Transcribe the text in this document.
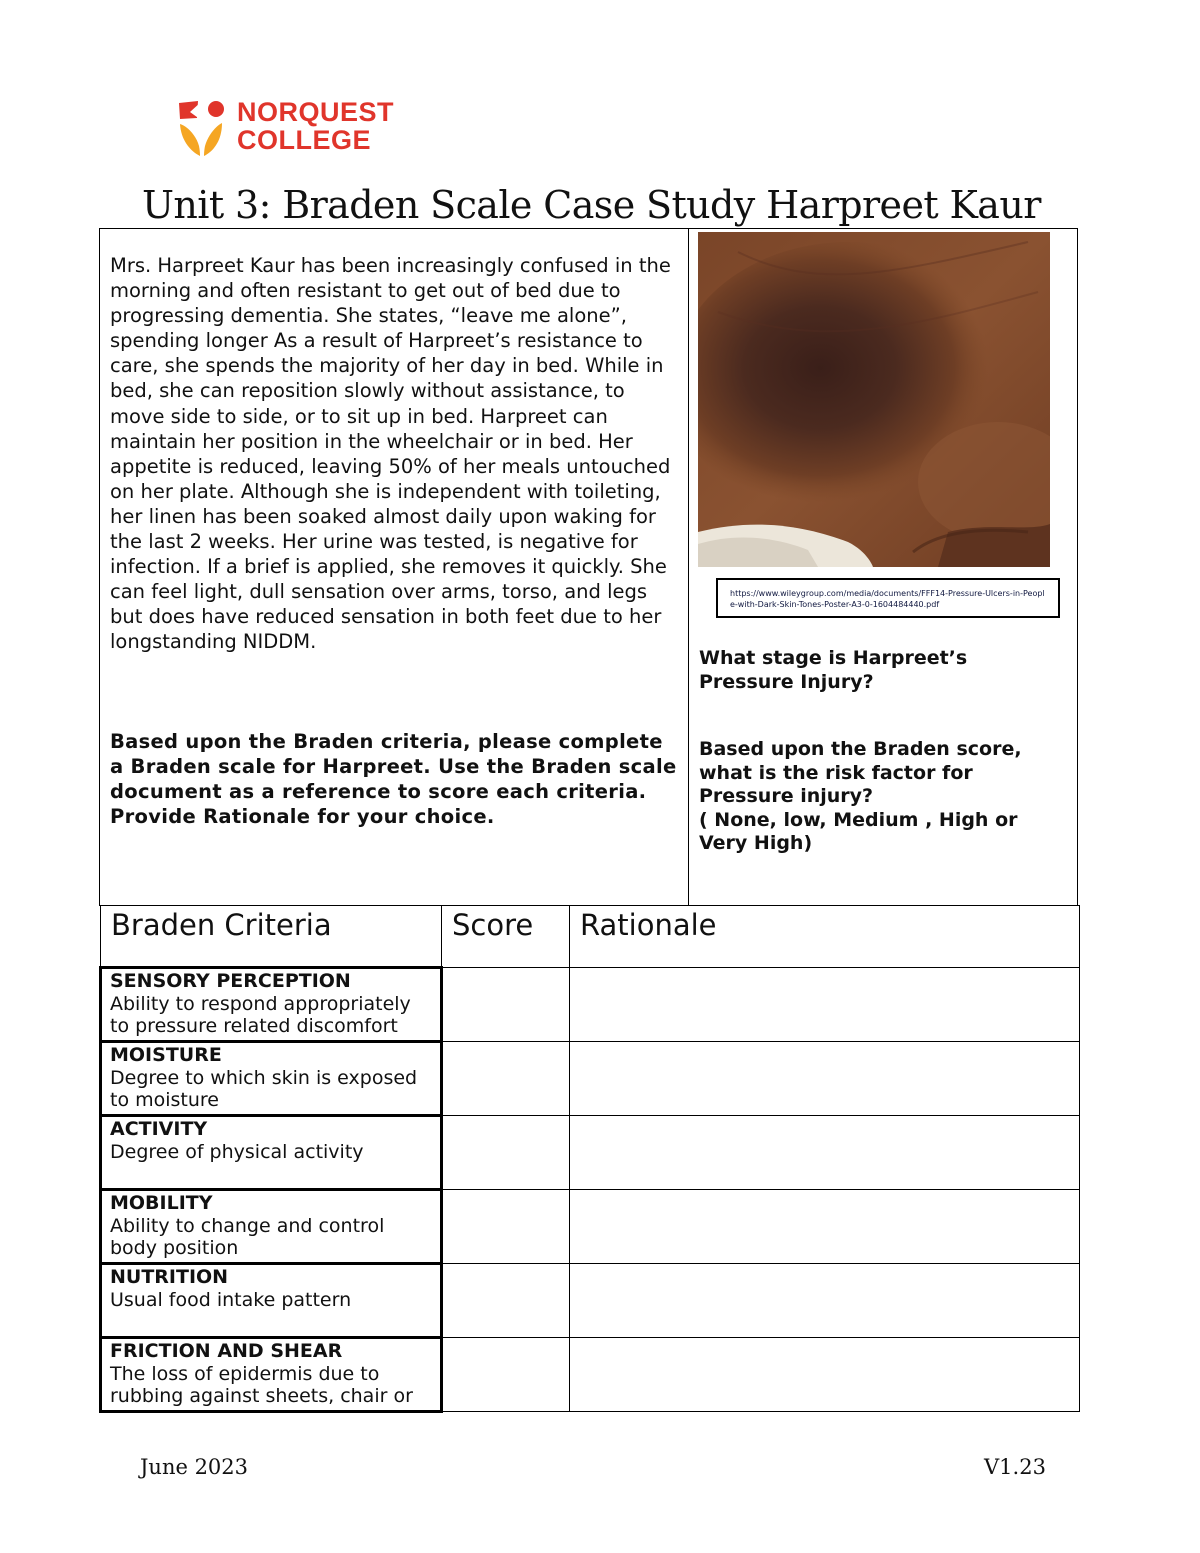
NORQUEST
COLLEGE
Unit 3: Braden Scale Case Study Harpreet Kaur
Mrs. Harpreet Kaur has been increasingly confused in the morning and often resistant to get out of bed due to progressing dementia. She states, “leave me alone”, spending longer As a result of Harpreet’s resistance to care, she spends the majority of her day in bed. While in bed, she can reposition slowly without assistance, to move side to side, or to sit up in bed. Harpreet can maintain her position in the wheelchair or in bed. Her appetite is reduced, leaving 50% of her meals untouched on her plate. Although she is independent with toileting, her linen has been soaked almost daily upon waking for the last 2 weeks. Her urine was tested, is negative for infection. If a brief is applied, she removes it quickly. She can feel light, dull sensation over arms, torso, and legs but does have reduced sensation in both feet due to her longstanding NIDDM.
Based upon the Braden criteria, please complete a Braden scale for Harpreet. Use the Braden scale document as a reference to score each criteria. Provide Rationale for your choice.
https://www.wileygroup.com/media/documents/FFF14-Pressure-Ulcers-in-People-with-Dark-Skin-Tones-Poster-A3-0-1604484440.pdf
What stage is Harpreet’s Pressure Injury?
Based upon the Braden score, what is the risk factor for Pressure injury?
( None, low, Medium , High or Very High)
Braden Criteria	Score	Rationale

SENSORY PERCEPTION
Ability to respond appropriately to pressure related discomfort		

MOISTURE
Degree to which skin is exposed to moisture		

ACTIVITY
Degree of physical activity		

MOBILITY
Ability to change and control body position		

NUTRITION
Usual food intake pattern		

FRICTION AND SHEAR
The loss of epidermis due to rubbing against sheets, chair or		

June 2023	V1.23
